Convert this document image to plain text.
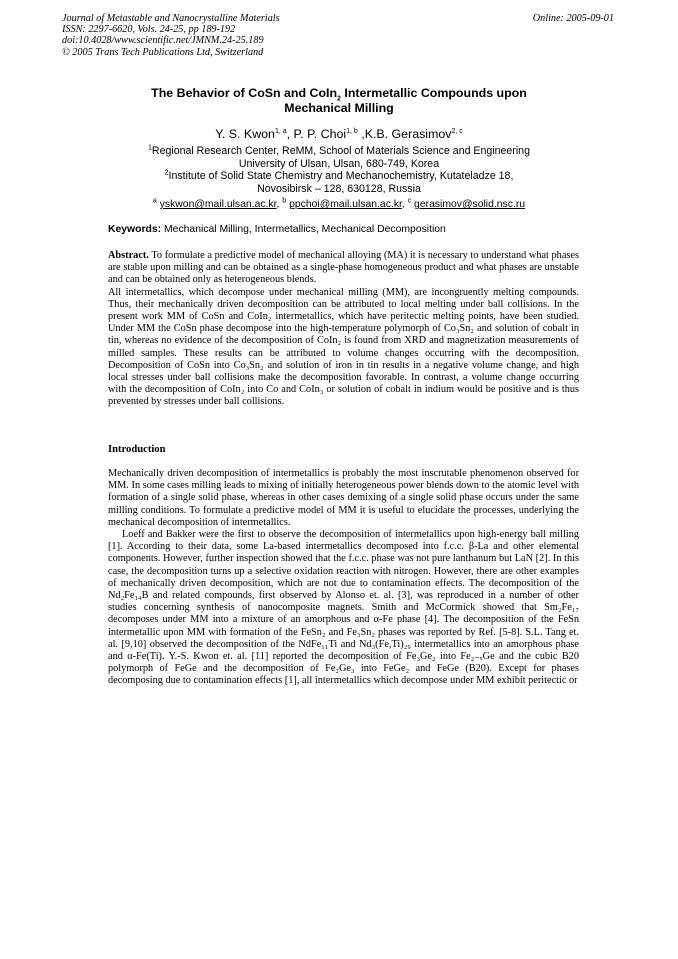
Journal of Metastable and Nanocrystalline Materials
ISSN: 2297-6620, Vols. 24-25, pp 189-192
doi:10.4028/www.scientific.net/JMNM.24-25.189
© 2005 Trans Tech Publications Ltd, Switzerland
Online: 2005-09-01
The Behavior of CoSn and CoIn$_2$ Intermetallic Compounds upon
Mechanical Milling
Y. S. Kwon$^{1, a}$, P. P. Choi$^{1, b}$ ,K.B. Gerasimov$^{2, c}$
$^1$Regional Research Center, ReMM, School of Materials Science and Engineering
University of Ulsan, Ulsan, 680-749, Korea
$^2$Institute of Solid State Chemistry and Mechanochemistry, Kutateladze 18,
Novosibirsk – 128, 630128, Russia
$^a$ yskwon@mail.ulsan.ac.kr, $^b$ ppchoi@mail.ulsan.ac.kr, $^c$ gerasimov@solid.nsc.ru
Keywords: Mechanical Milling, Intermetallics, Mechanical Decomposition

Abstract. To formulate a predictive model of mechanical alloying (MA) it is necessary to understand what phases are stable upon milling and can be obtained as a single-phase homogeneous product and what phases are unstable and can be obtained only as heterogeneous blends.

All intermetallics, which decompose under mechanical milling (MM), are incongruently melting compounds. Thus, their mechanically driven decomposition can be attributed to local melting under ball collisions. In the present work MM of CoSn and CoIn₂ intermetallics, which have peritectic melting points, have been studied. Under MM the CoSn phase decompose into the high-temperature polymorph of Co₃Sn₂ and solution of cobalt in tin, whereas no evidence of the decomposition of CoIn₂ is found from XRD and magnetization measurements of milled samples. These results can be attributed to volume changes occurring with the decomposition. Decomposition of CoSn into Co₃Sn₂ and solution of iron in tin results in a negative volume change, and high local stresses under ball collisions make the decomposition favorable. In contrast, a volume change occurring with the decomposition of CoIn₂ into Co and CoIn₃ or solution of cobalt in indium would be positive and is thus prevented by stresses under ball collisions.

Introduction

Mechanically driven decomposition of intermetallics is probably the most inscrutable phenomenon observed for MM. In some cases milling leads to mixing of initially heterogeneous power blends down to the atomic level with formation of a single solid phase, whereas in other cases demixing of a single solid phase occurs under the same milling conditions. To formulate a predictive model of MM it is useful to elucidate the processes, underlying the mechanical decomposition of intermetallics.

Loeff and Bakker were the first to observe the decomposition of intermetallics upon high-energy ball milling [1]. According to their data, some La-based intermetallics decomposed into f.c.c. β-La and other elemental components. However, further inspection showed that the f.c.c. phase was not pure lanthanum but LaN [2]. In this case, the decomposition turns up a selective oxidation reaction with nitrogen. However, there are other examples of mechanically driven decomposition, which are not due to contamination effects. The decomposition of the Nd₂Fe₁₄B and related compounds, first observed by Alonso et. al. [3], was reproduced in a number of other studies concerning synthesis of nanocomposite magnets. Smith and McCormick showed that Sm₂Fe₁₇ decomposes under MM into a mixture of an amorphous and α-Fe phase [4]. The decomposition of the FeSn intermetallic upon MM with formation of the FeSn₂ and Fe₃Sn₂ phases was reported by Ref. [5-8]. S.L. Tang et. al. [9,10] observed the decomposition of the NdFe₁₁Ti and Nd₃(Fe,Ti)₂₉ intermetallics into an amorphous phase and α-Fe(Ti). Y.-S. Kwon et. al. [11] reported the decomposition of Fe₃Ge₂ into Fe₂₋ₓGe and the cubic B20 polymorph of FeGe and the decomposition of Fe₂Ge₃ into FeGe₂ and FeGe (B20). Except for phases decomposing due to contamination effects [1], all intermetallics which decompose under MM exhibit peritectic or
